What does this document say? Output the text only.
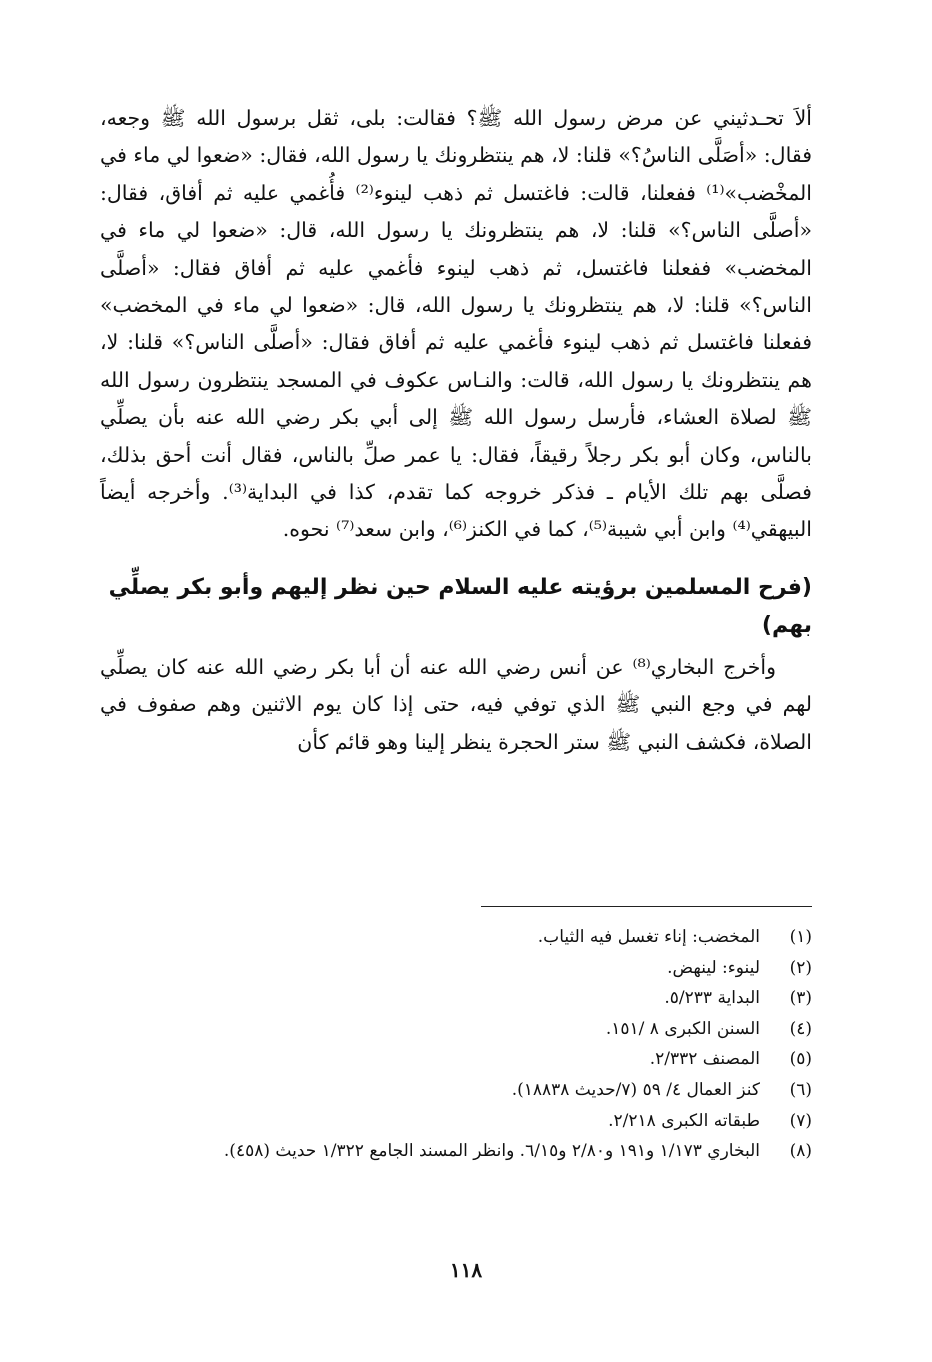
ألاَ تحـدثيني عن مرض رسول الله ﷺ؟ فقالت: بلى، ثقل برسول الله ﷺ وجعه، فقال: «أصَلَّى الناسُ؟» قلنا: لا، هم ينتظرونك يا رسول الله، فقال: «ضعوا لي ماء في المخْضب»⁽¹⁾ ففعلنا، قالت: فاغتسل ثم ذهب لينوء⁽²⁾ فأُغمي عليه ثم أفاق، فقال: «أصلَّى الناس؟» قلنا: لا، هم ينتظرونك يا رسول الله، قال: «ضعوا لي ماء في المخضب» ففعلنا فاغتسل، ثم ذهب لينوء فأغمي عليه ثم أفاق فقال: «أصلَّى الناس؟» قلنا: لا، هم ينتظرونك يا رسول الله، قال: «ضعوا لي ماء في المخضب» ففعلنا فاغتسل ثم ذهب لينوء فأغمي عليه ثم أفاق فقال: «أصلَّى الناس؟» قلنا: لا، هم ينتظرونك يا رسول الله، قالت: والنـاس عكوف في المسجد ينتظرون رسول الله ﷺ لصلاة العشاء، فأرسل رسول الله ﷺ إلى أبي بكر رضي الله عنه بأن يصلِّي بالناس، وكان أبو بكر رجلاً رقيقاً، فقال: يا عمر صلِّ بالناس، فقال أنت أحق بذلك، فصلَّى بهم تلك الأيام ـ فذكر خروجه كما تقدم، كذا في البداية⁽³⁾. وأخرجه أيضاً البيهقي⁽⁴⁾ وابن أبي شيبة⁽⁵⁾، كما في الكنز⁽⁶⁾، وابن سعد⁽⁷⁾ نحوه.

(فرح المسلمين برؤيته عليه السلام حين نظر إليهم وأبو بكر يصلِّي بهم)

وأخرج البخاري⁽⁸⁾ عن أنس رضي الله عنه أن أبا بكر رضي الله عنه كان يصلِّي لهم في وجع النبي ﷺ الذي توفي فيه، حتى إذا كان يوم الاثنين وهم صفوف في الصلاة، فكشف النبي ﷺ ستر الحجرة ينظر إلينا وهو قائم كأن

(١)
المخضب: إناء تغسل فيه الثياب.
(٢)
لينوء: لينهض.
(٣)
البداية ٥/٢٣٣.
(٤)
السنن الكبرى ٨ /١٥١.
(٥)
المصنف ٢/٣٣٢.
(٦)
كنز العمال ٤/ ٥٩ (٧/حديث ١٨٨٣٨).
(٧)
طبقاته الكبرى ٢/٢١٨.
(٨)
البخاري ١/١٧٣ و١٩١ و٢/٨٠ و٦/١٥. وانظر المسند الجامع ١/٣٢٢ حديث (٤٥٨).
١١٨
